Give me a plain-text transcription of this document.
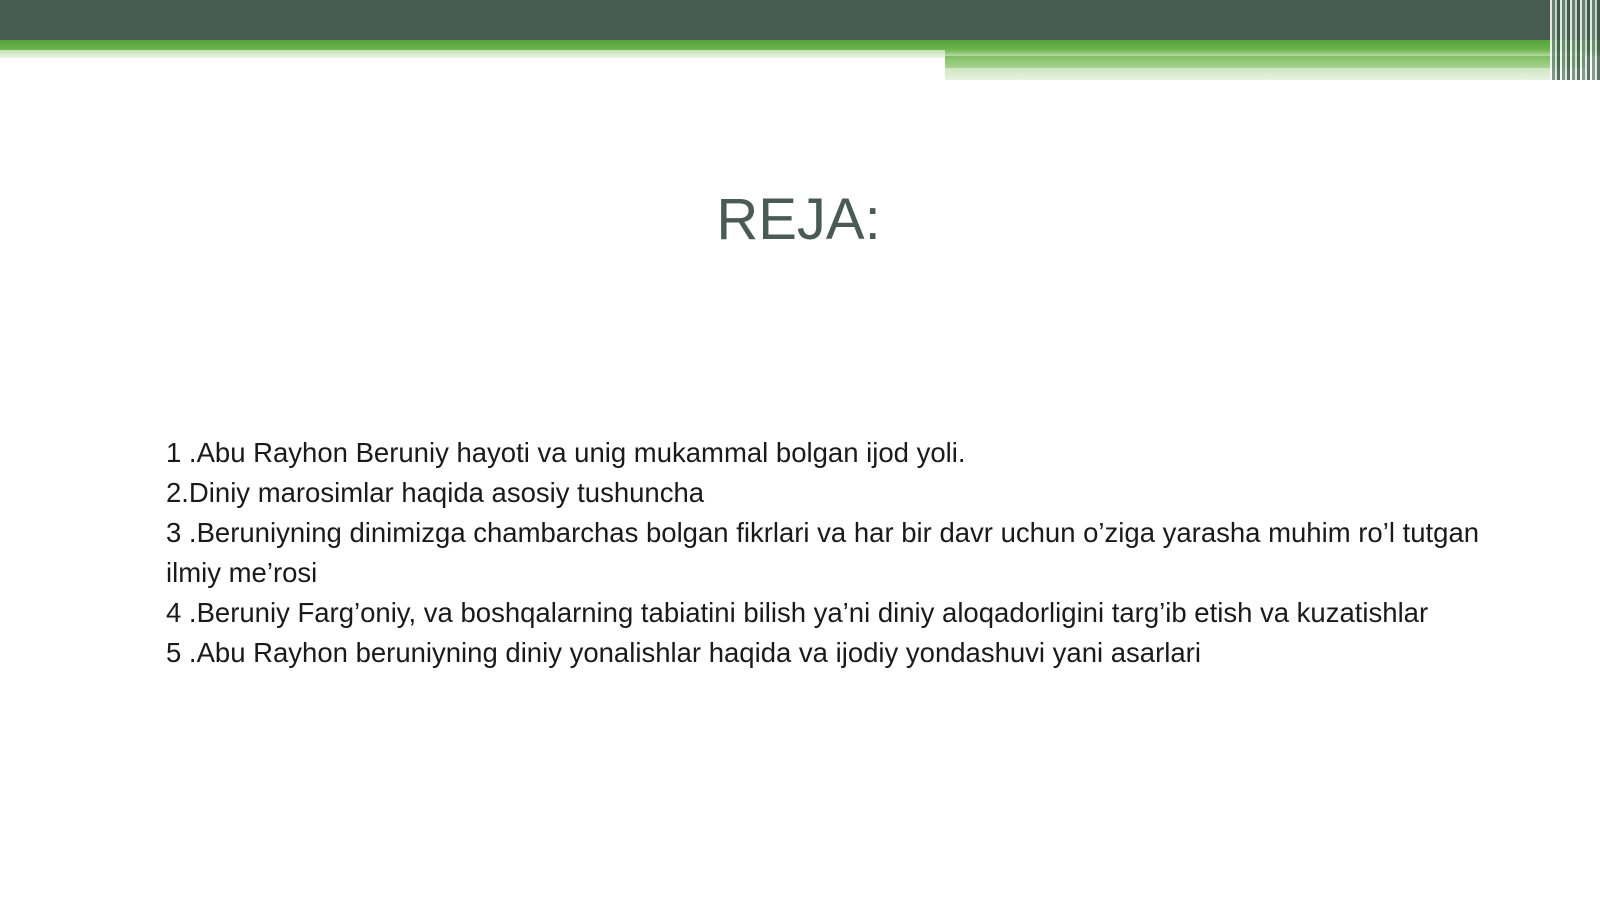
REJA:

1 .Abu Rayhon Beruniy hayoti va unig mukammal bolgan ijod yoli.

2.Diniy marosimlar haqida asosiy tushuncha

3 .Beruniyning dinimizga chambarchas bolgan fikrlari va har bir davr uchun o’ziga yarasha muhim ro’l tutgan ilmiy me’rosi

4 .Beruniy Farg’oniy, va boshqalarning tabiatini bilish ya’ni diniy aloqadorligini targ’ib etish va kuzatishlar

5 .Abu Rayhon beruniyning diniy yonalishlar haqida va ijodiy yondashuvi yani asarlari
